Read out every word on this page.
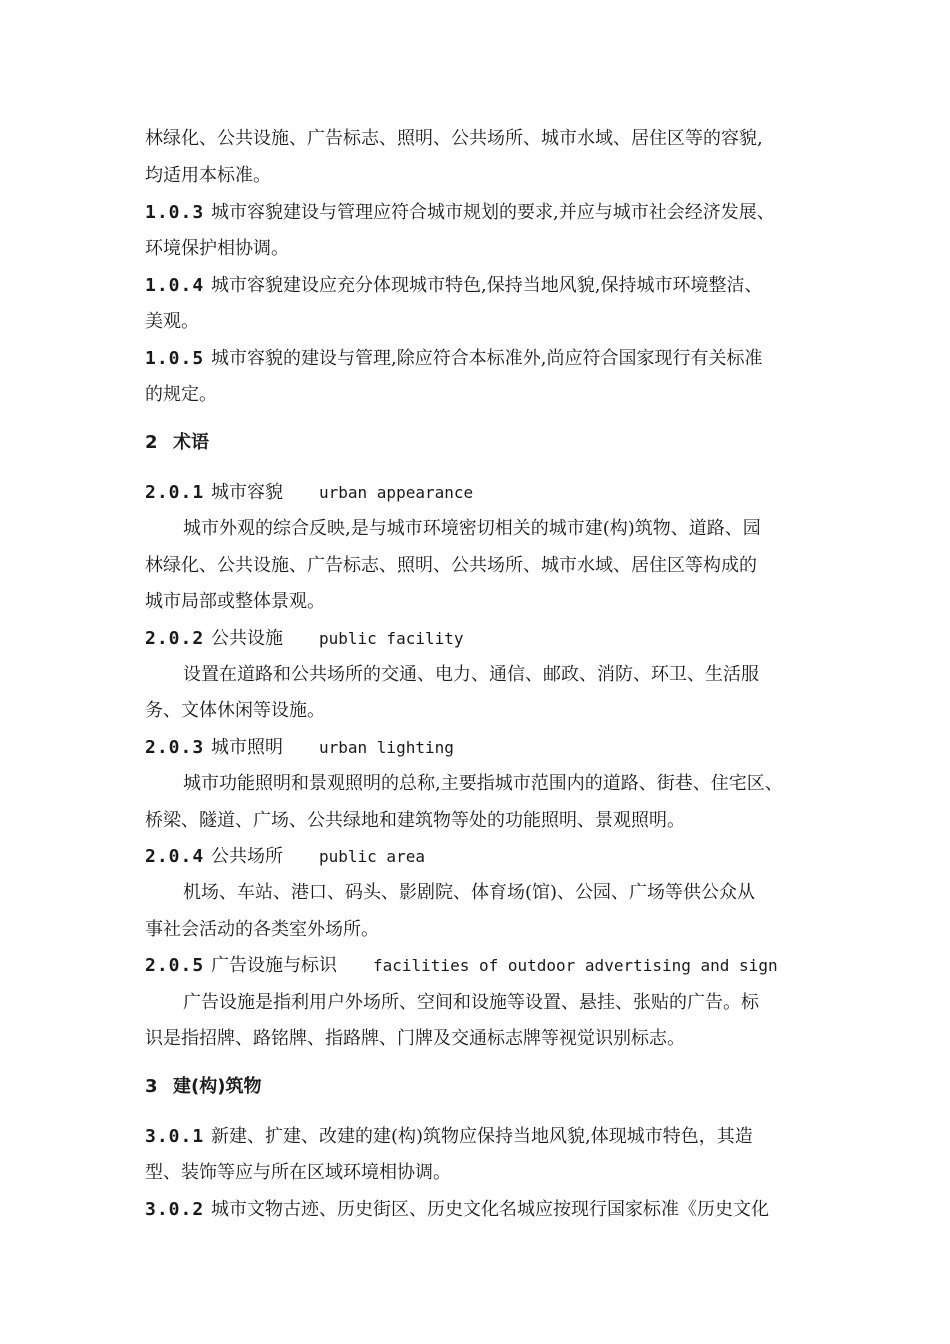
林绿化、公共设施、广告标志、照明、公共场所、城市水域、居住区等的容貌,
均适用本标准。
1.0.3 城市容貌建设与管理应符合城市规划的要求,并应与城市社会经济发展、
环境保护相协调。
1.0.4 城市容貌建设应充分体现城市特色,保持当地风貌,保持城市环境整洁、
美观。
1.0.5 城市容貌的建设与管理,除应符合本标准外,尚应符合国家现行有关标准
的规定。
2 术语
2.0.1 城市容貌 urban appearance
城市外观的综合反映,是与城市环境密切相关的城市建(构)筑物、道路、园
林绿化、公共设施、广告标志、照明、公共场所、城市水域、居住区等构成的
城市局部或整体景观。
2.0.2 公共设施 public facility
设置在道路和公共场所的交通、电力、通信、邮政、消防、环卫、生活服
务、文体休闲等设施。
2.0.3 城市照明 urban lighting
城市功能照明和景观照明的总称,主要指城市范围内的道路、街巷、住宅区、
桥梁、隧道、广场、公共绿地和建筑物等处的功能照明、景观照明。
2.0.4 公共场所 public area
机场、车站、港口、码头、影剧院、体育场(馆)、公园、广场等供公众从
事社会活动的各类室外场所。
2.0.5 广告设施与标识 facilities of outdoor advertising and sign
广告设施是指利用户外场所、空间和设施等设置、悬挂、张贴的广告。标
识是指招牌、路铭牌、指路牌、门牌及交通标志牌等视觉识别标志。
3 建(构)筑物
3.0.1 新建、扩建、改建的建(构)筑物应保持当地风貌,体现城市特色，其造
型、装饰等应与所在区域环境相协调。
3.0.2 城市文物古迹、历史街区、历史文化名城应按现行国家标准《历史文化
